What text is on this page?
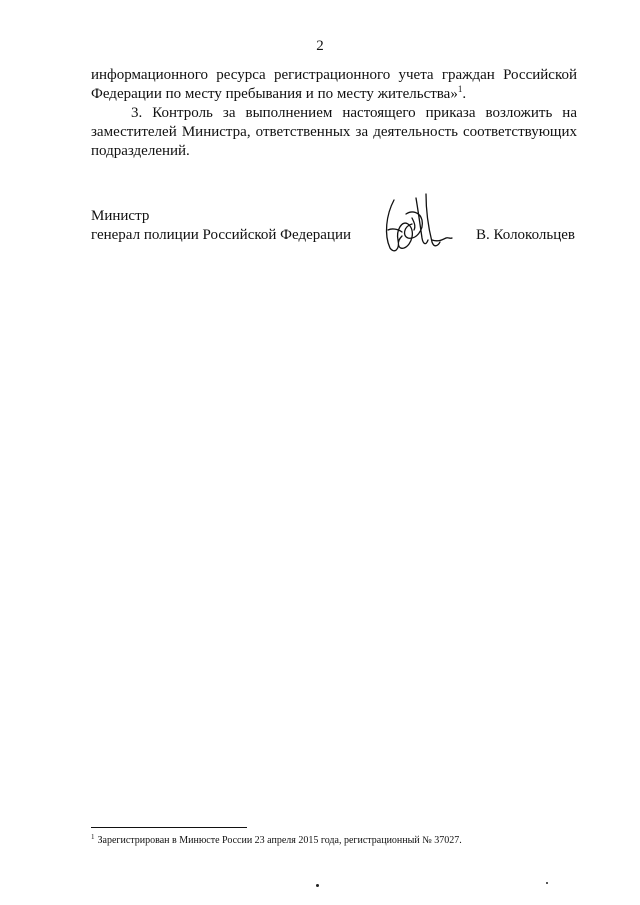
2

информационного ресурса регистрационного учета граждан Российской

Федерации по месту пребывания и по месту жительства»$^1$.

3. Контроль за выполнением настоящего приказа возложить на заместителей Министра, ответственных за деятельность соответствующих подразделений.

Министр
генерал полиции Российской Федерации	В. Колокольцев
$^1$ Зарегистрирован в Минюсте России 23 апреля 2015 года, регистрационный № 37027.
